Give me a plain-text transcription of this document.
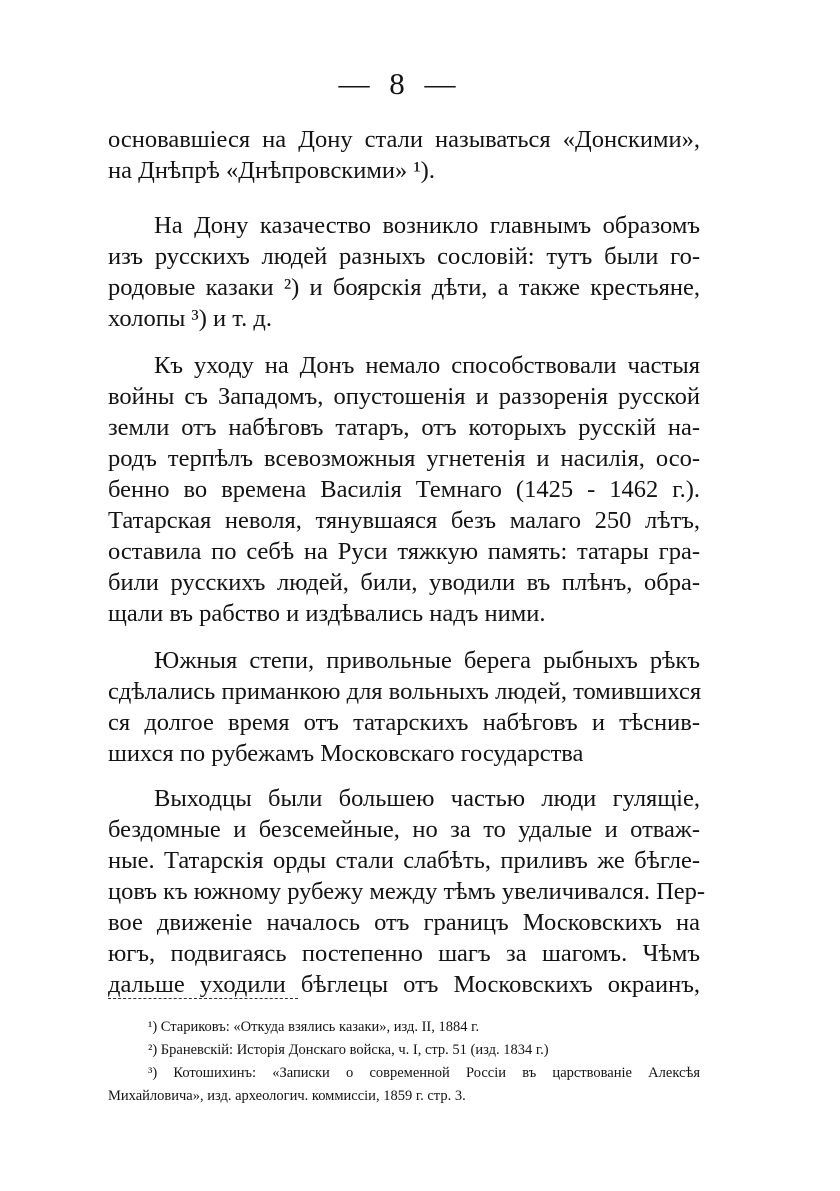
— 8 —
основавшіеся на Дону стали называться «Донскими»,
на Днѣпрѣ «Днѣпровскими» ¹).
На Дону казачество возникло главнымъ образомъ
изъ русскихъ людей разныхъ сословій: тутъ были го-
родовые казаки ²) и боярскія дѣти, а также крестьяне,
холопы ³) и т. д.
Къ уходу на Донъ немало способствовали частыя
войны съ Западомъ, опустошенія и раззоренія русской
земли отъ набѣговъ татаръ, отъ которыхъ русскій на-
родъ терпѣлъ всевозможныя угнетенія и насилія, осо-
бенно во времена Василія Темнаго (1425 - 1462 г.).
Татарская неволя, тянувшаяся безъ малаго 250 лѣтъ,
оставила по себѣ на Руси тяжкую память: татары гра-
били русскихъ людей, били, уводили въ плѣнъ, обра-
щали въ рабство и издѣвались надъ ними.
Южныя степи, привольные берега рыбныхъ рѣкъ
сдѣлались приманкою для вольныхъ людей, томившихся
ся долгое время отъ татарскихъ набѣговъ и тѣснив-
шихся по рубежамъ Московскаго государства
Выходцы были большею частью люди гулящіе,
бездомные и безсемейные, но за то удалые и отваж-
ные. Татарскія орды стали слабѣть, приливъ же бѣгле-
цовъ къ южному рубежу между тѣмъ увеличивался. Пер-
вое движеніе началось отъ границъ Московскихъ на
югъ, подвигаясь постепенно шагъ за шагомъ. Чѣмъ
дальше уходили бѣглецы отъ Московскихъ окраинъ,
¹) Стариковъ: «Откуда взялись казаки», изд. II, 1884 г.
²) Браневскій: Исторія Донскаго войска, ч. I, стр. 51 (изд. 1834 г.)
³) Котошихинъ: «Записки о современной Россіи въ царствованіе Алексѣя
Михайловича», изд. археологич. коммиссіи, 1859 г. стр. 3.
